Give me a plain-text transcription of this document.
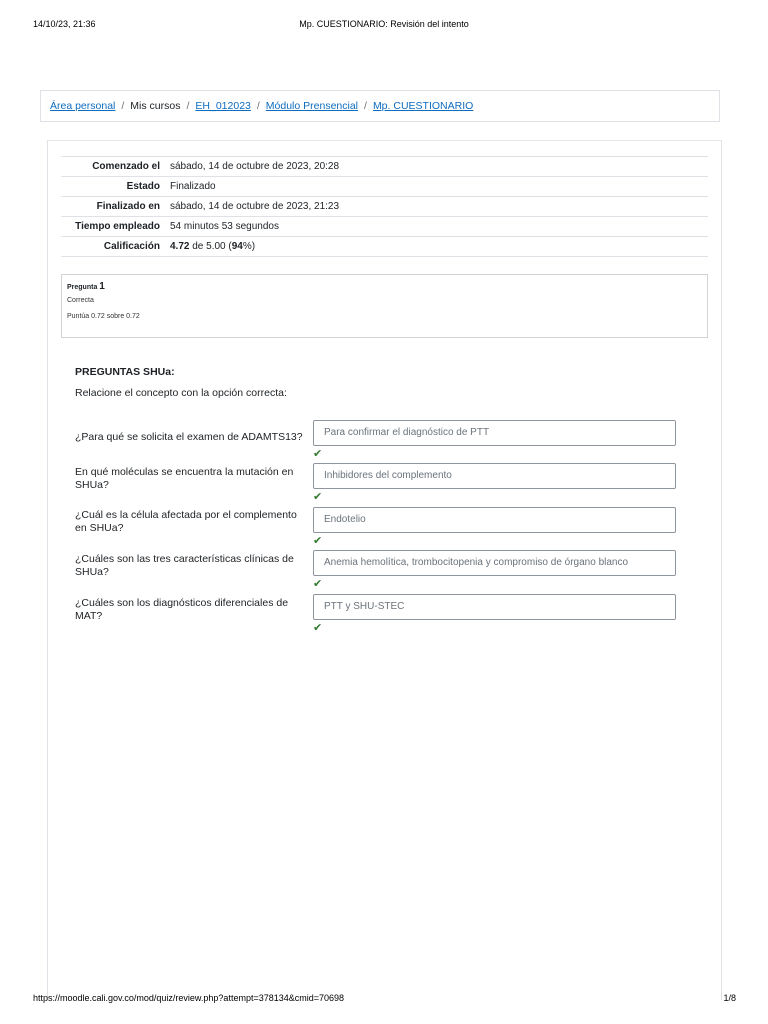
14/10/23, 21:36	Mp. CUESTIONARIO: Revisión del intento
Área personal / Mis cursos / EH_012023 / Módulo Prensencial / Mp. CUESTIONARIO
Comenzado el	sábado, 14 de octubre de 2023, 20:28
Estado	Finalizado
Finalizado en	sábado, 14 de octubre de 2023, 21:23
Tiempo empleado	54 minutos 53 segundos
Calificación	4.72 de 5.00 (94%)
Pregunta 1
Correcta
Puntúa 0.72 sobre 0.72
PREGUNTAS SHUa:
Relacione el concepto con la opción correcta:
¿Para qué se solicita el examen de ADAMTS13?	Para confirmar el diagnóstico de PTT
✔
En qué moléculas se encuentra la mutación en SHUa?
Inhibidores del complemento
✔
¿Cuál es la célula afectada por el complemento en SHUa?
Endotelio
✔
¿Cuáles son las tres características clínicas de SHUa?
Anemia hemolítica, trombocitopenia y compromiso de órgano blanco
✔
¿Cuáles son los diagnósticos diferenciales de MAT?
PTT y SHU-STEC
✔
https://moodle.cali.gov.co/mod/quiz/review.php?attempt=378134&cmid=70698	1/8
